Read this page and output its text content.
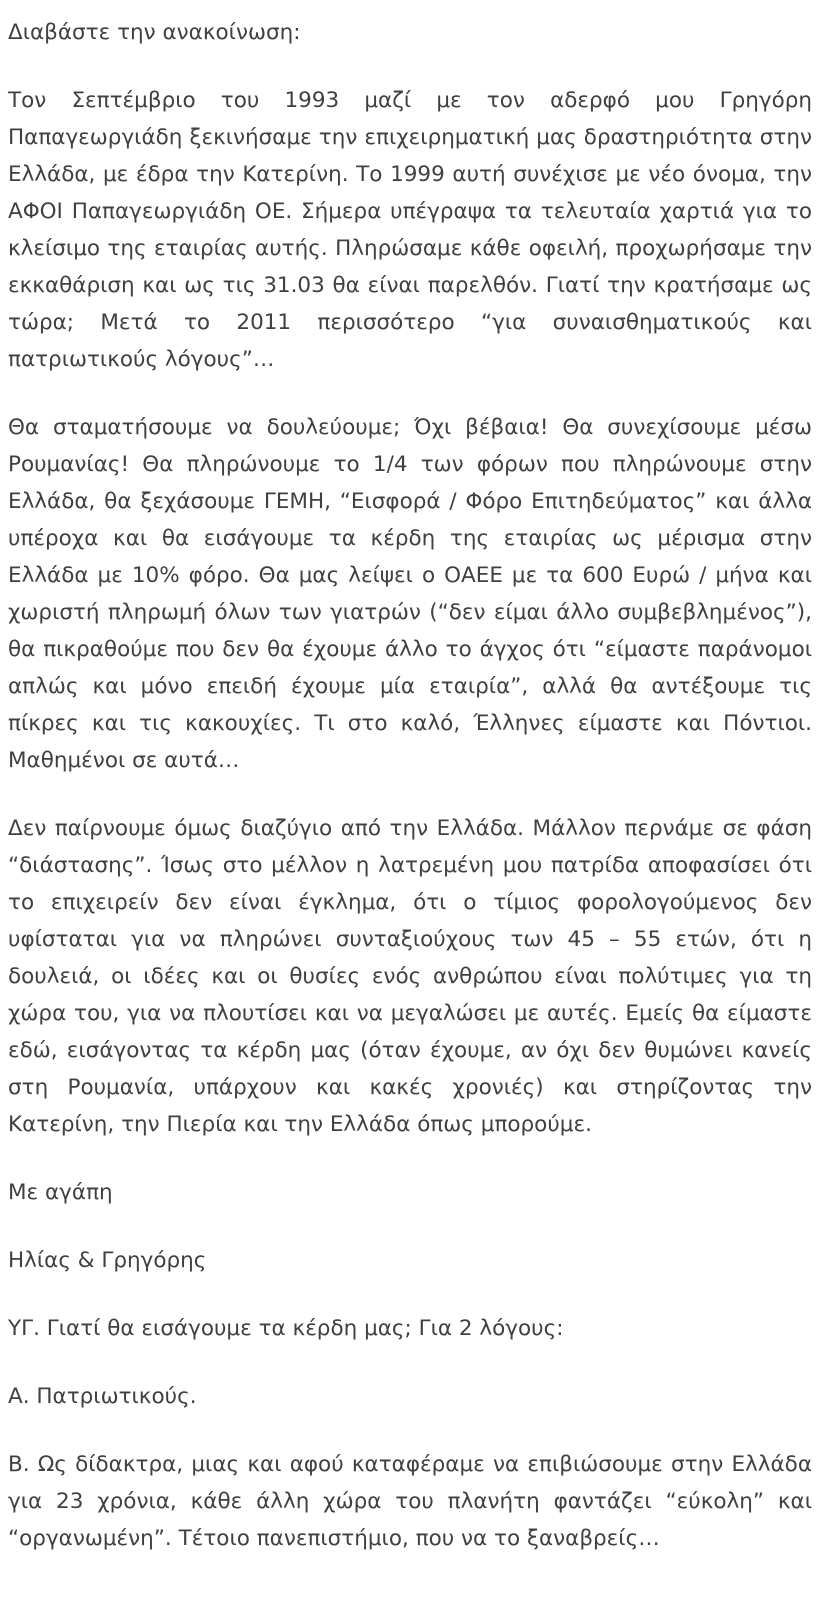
Διαβάστε την ανακοίνωση:

Τον Σεπτέμβριο του 1993 μαζί με τον αδερφό μου Γρηγόρη Παπαγεωργιάδη ξεκινήσαμε την επιχειρηματική μας δραστηριότητα στην Ελλάδα, με έδρα την Κατερίνη. Το 1999 αυτή συνέχισε με νέο όνομα, την ΑΦΟΙ Παπαγεωργιάδη ΟΕ. Σήμερα υπέγραψα τα τελευταία χαρτιά για το κλείσιμο της εταιρίας αυτής. Πληρώσαμε κάθε οφειλή, προχωρήσαμε την εκκαθάριση και ως τις 31.03 θα είναι παρελθόν. Γιατί την κρατήσαμε ως τώρα; Μετά το 2011 περισσότερο “για συναισθηματικούς και πατριωτικούς λόγους”…

Θα σταματήσουμε να δουλεύουμε; Όχι βέβαια! Θα συνεχίσουμε μέσω Ρουμανίας! Θα πληρώνουμε το 1/4 των φόρων που πληρώνουμε στην Ελλάδα, θα ξεχάσουμε ΓΕΜΗ, “Εισφορά / Φόρο Επιτηδεύματος” και άλλα υπέροχα και θα εισάγουμε τα κέρδη της εταιρίας ως μέρισμα στην Ελλάδα με 10% φόρο. Θα μας λείψει ο ΟΑΕΕ με τα 600 Ευρώ / μήνα και χωριστή πληρωμή όλων των γιατρών (“δεν είμαι άλλο συμβεβλημένος”), θα πικραθούμε που δεν θα έχουμε άλλο το άγχος ότι “είμαστε παράνομοι απλώς και μόνο επειδή έχουμε μία εταιρία”, αλλά θα αντέξουμε τις πίκρες και τις κακουχίες. Τι στο καλό, Έλληνες είμαστε και Πόντιοι. Μαθημένοι σε αυτά…

Δεν παίρνουμε όμως διαζύγιο από την Ελλάδα. Μάλλον περνάμε σε φάση “διάστασης”. Ίσως στο μέλλον η λατρεμένη μου πατρίδα αποφασίσει ότι το επιχειρείν δεν είναι έγκλημα, ότι ο τίμιος φορολογούμενος δεν υφίσταται για να πληρώνει συνταξιούχους των 45 – 55 ετών, ότι η δουλειά, οι ιδέες και οι θυσίες ενός ανθρώπου είναι πολύτιμες για τη χώρα του, για να πλουτίσει και να μεγαλώσει με αυτές. Εμείς θα είμαστε εδώ, εισάγοντας τα κέρδη μας (όταν έχουμε, αν όχι δεν θυμώνει κανείς στη Ρουμανία, υπάρχουν και κακές χρονιές) και στηρίζοντας την Κατερίνη, την Πιερία και την Ελλάδα όπως μπορούμε.

Με αγάπη

Ηλίας & Γρηγόρης

ΥΓ. Γιατί θα εισάγουμε τα κέρδη μας; Για 2 λόγους:

Α. Πατριωτικούς.

Β. Ως δίδακτρα, μιας και αφού καταφέραμε να επιβιώσουμε στην Ελλάδα για 23 χρόνια, κάθε άλλη χώρα του πλανήτη φαντάζει “εύκολη” και “οργανωμένη”. Τέτοιο πανεπιστήμιο, που να το ξαναβρείς…
